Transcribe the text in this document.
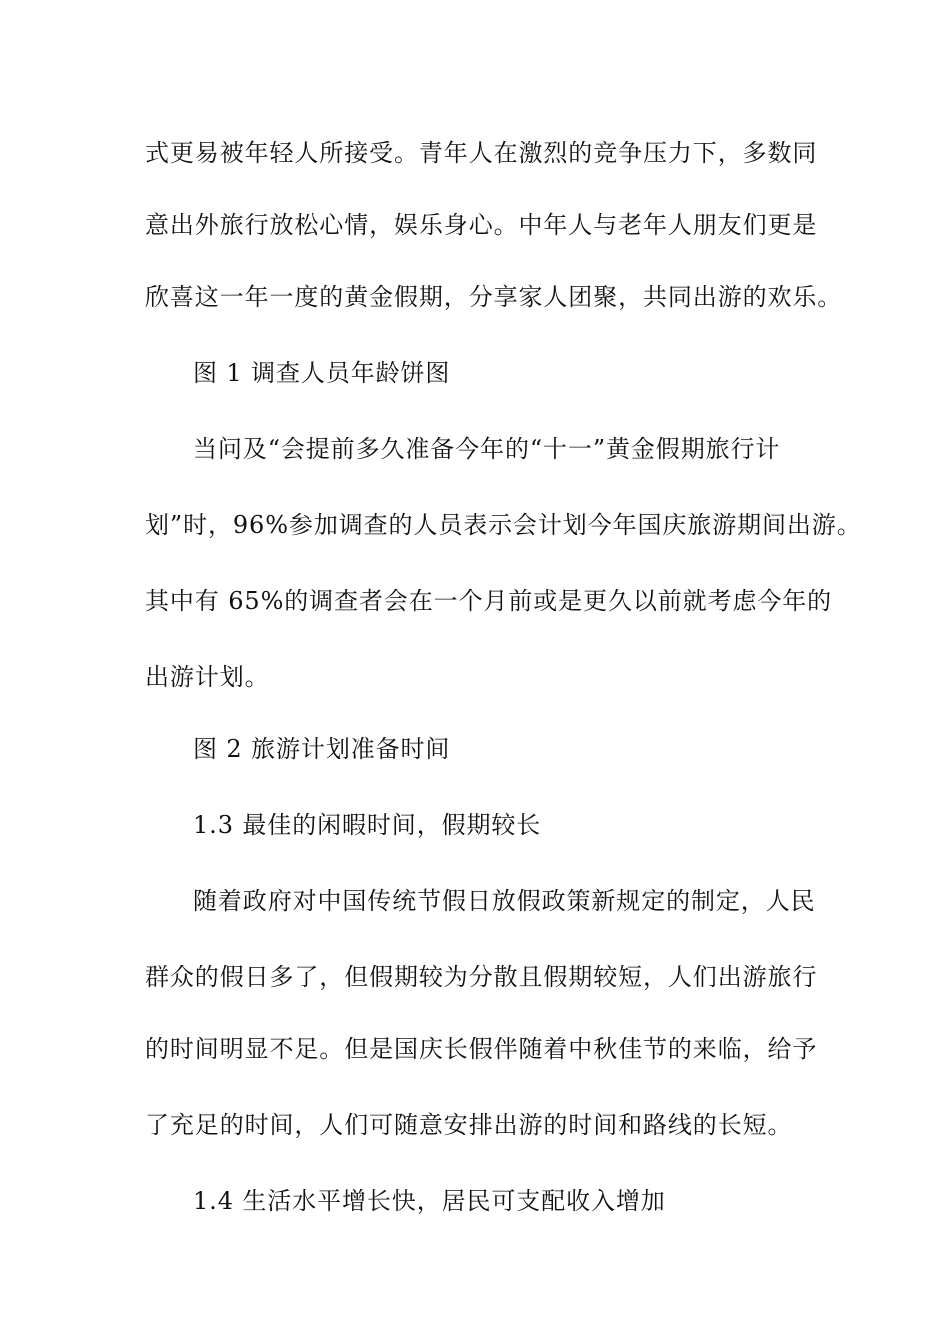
式更易被年轻人所接受。青年人在激烈的竞争压力下，多数同
意出外旅行放松心情，娱乐身心。中年人与老年人朋友们更是
欣喜这一年一度的黄金假期，分享家人团聚，共同出游的欢乐。
图 1 调查人员年龄饼图
当问及“会提前多久准备今年的“十一”黄金假期旅行计
划”时，96%参加调查的人员表示会计划今年国庆旅游期间出游。
其中有 65%的调查者会在一个月前或是更久以前就考虑今年的
出游计划。
图 2 旅游计划准备时间
1.3 最佳的闲暇时间，假期较长
随着政府对中国传统节假日放假政策新规定的制定，人民
群众的假日多了，但假期较为分散且假期较短，人们出游旅行
的时间明显不足。但是国庆长假伴随着中秋佳节的来临，给予
了充足的时间，人们可随意安排出游的时间和路线的长短。
1.4 生活水平增长快，居民可支配收入增加
